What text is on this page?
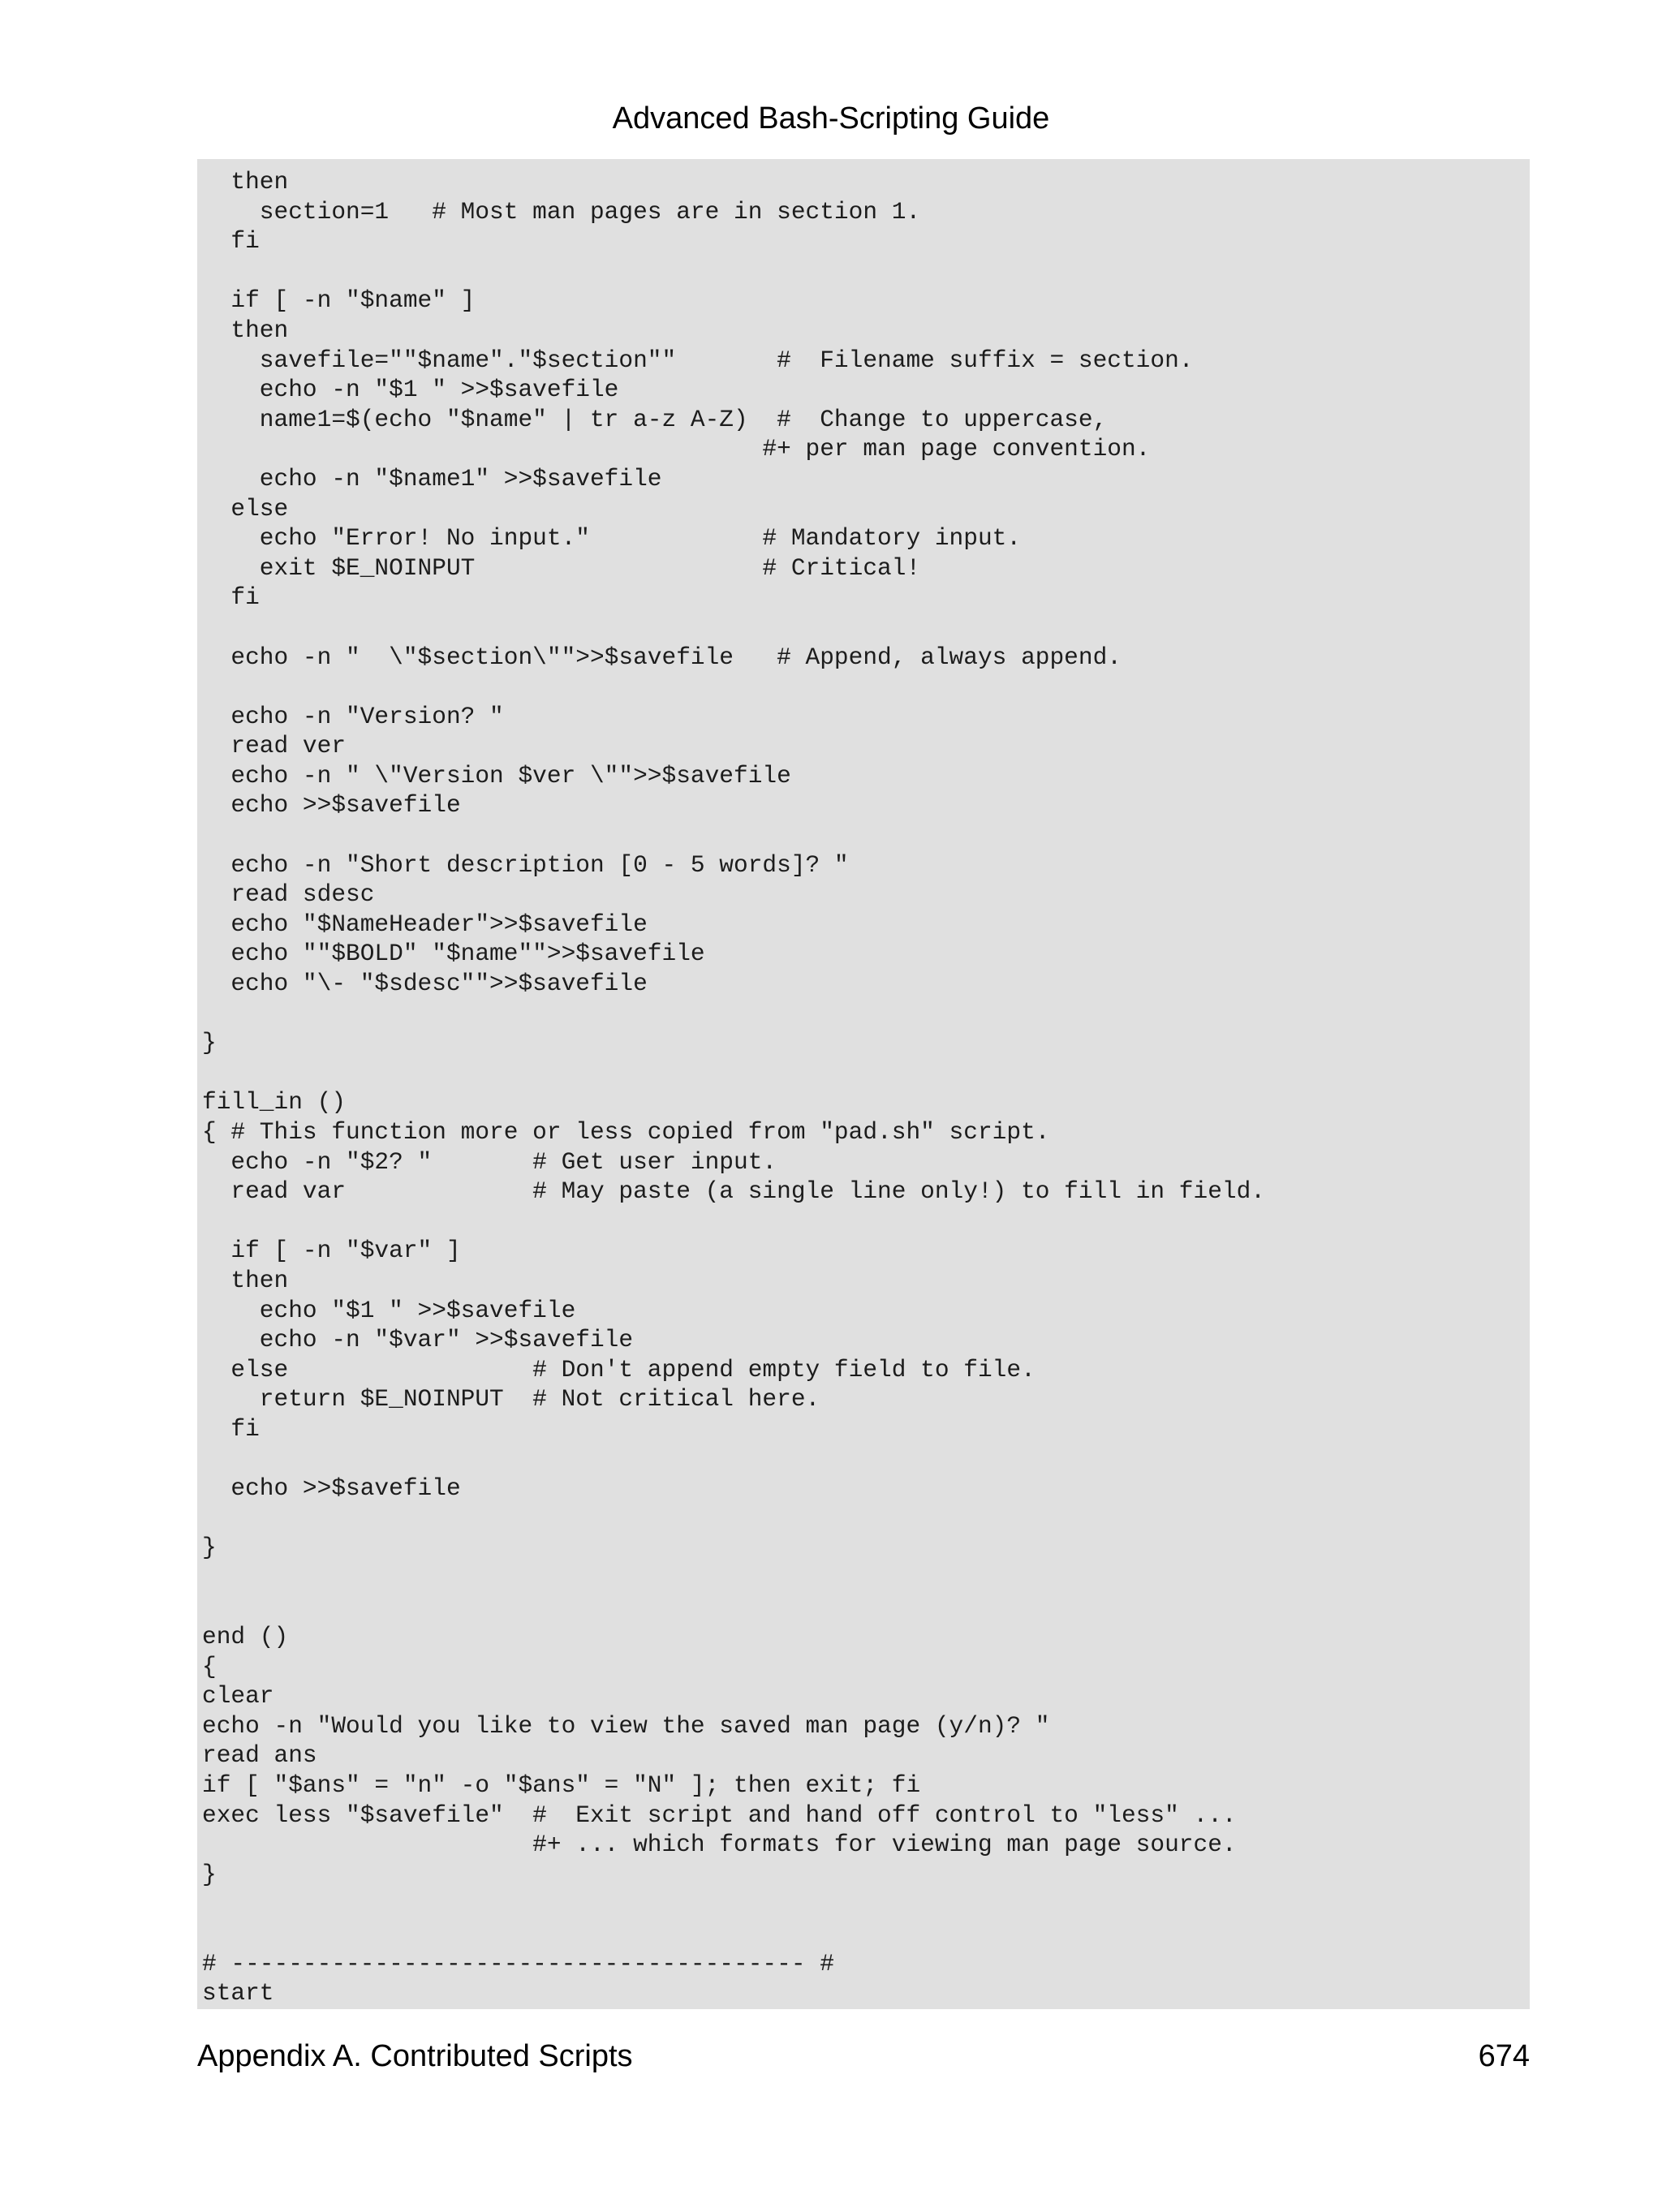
Advanced Bash-Scripting Guide
then
section=1   # Most man pages are in section 1.
fi
if [ -n "$name" ]
then
savefile=""$name"."$section""       #  Filename suffix = section.
echo -n "$1 " >>$savefile
name1=$(echo "$name" | tr a-z A-Z)  #  Change to uppercase,
#+ per man page convention.
echo -n "$name1" >>$savefile
else
echo "Error! No input."            # Mandatory input.
exit $E_NOINPUT                    # Critical!
fi
echo -n "  \"$section\"">>$savefile   # Append, always append.
echo -n "Version? "
read ver
echo -n " \"Version $ver \"">>$savefile
echo >>$savefile
echo -n "Short description [0 - 5 words]? "
read sdesc
echo "$NameHeader">>$savefile
echo ""$BOLD" "$name"">>$savefile
echo "\- "$sdesc"">>$savefile
}
fill_in ()
{ # This function more or less copied from "pad.sh" script.
echo -n "$2? "       # Get user input.
read var             # May paste (a single line only!) to fill in field.
if [ -n "$var" ]
then
echo "$1 " >>$savefile
echo -n "$var" >>$savefile
else                 # Don't append empty field to file.
return $E_NOINPUT  # Not critical here.
fi
echo >>$savefile
}
end ()
{
clear
echo -n "Would you like to view the saved man page (y/n)? "
read ans
if [ "$ans" = "n" -o "$ans" = "N" ]; then exit; fi
exec less "$savefile"  #  Exit script and hand off control to "less" ...
#+ ... which formats for viewing man page source.
}
# ---------------------------------------- #
start
Appendix A. Contributed Scripts	674
